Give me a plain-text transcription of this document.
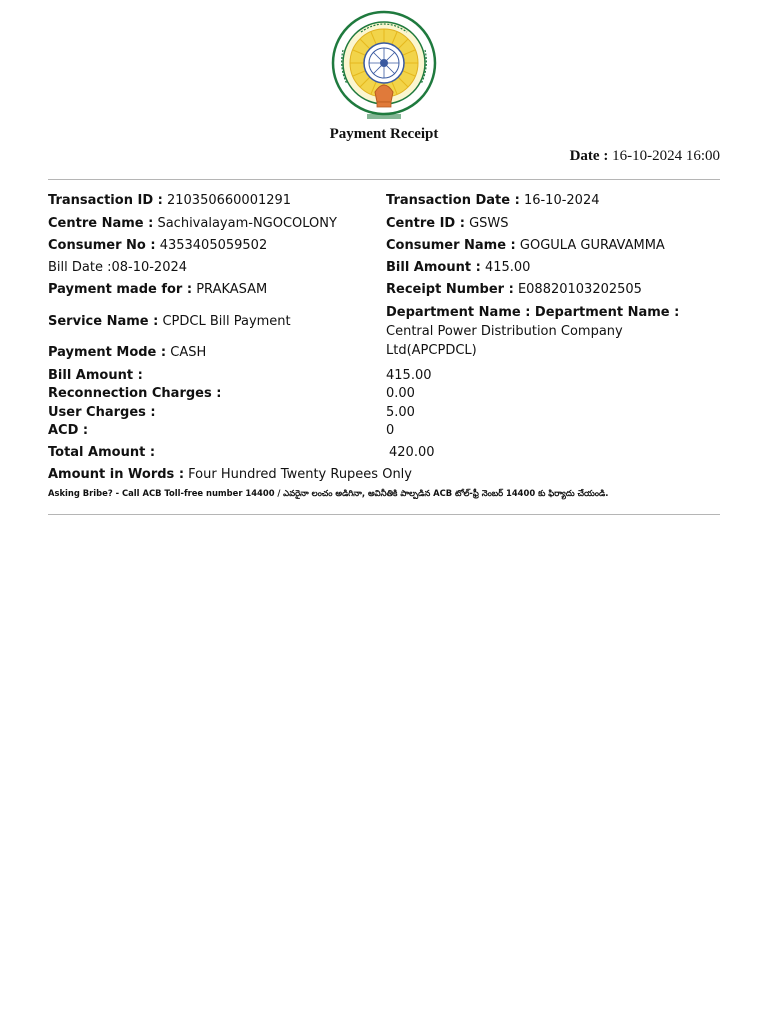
Payment Receipt
Date : 16-10-2024 16:00
Transaction ID : 210350660001291	Transaction Date : 16-10-2024
Centre Name : Sachivalayam-NGOCOLONY	Centre ID : GSWS
Consumer No : 4353405059502	Consumer Name : GOGULA GURAVAMMA
Bill Date :08-10-2024	Bill Amount : 415.00
Payment made for : PRAKASAM	Receipt Number : E08820103202505
Service Name : CPDCL Bill Payment
Department Name : Department Name : Central Power Distribution Company Ltd(APCPDCL)
Payment Mode : CASH
Bill Amount :	415.00
Reconnection Charges :	0.00
User Charges :	5.00
ACD :	0
Total Amount :	420.00
Amount in Words : Four Hundred Twenty Rupees Only
Asking Bribe? - Call ACB Toll-free number 14400 / ఎవరైనా లంచం అడిగినా, అవినీతికి పాల్పడిన ACB టోల్-ఫ్రీ నెంబర్ 14400 కు ఫిర్యాదు చేయండి.
